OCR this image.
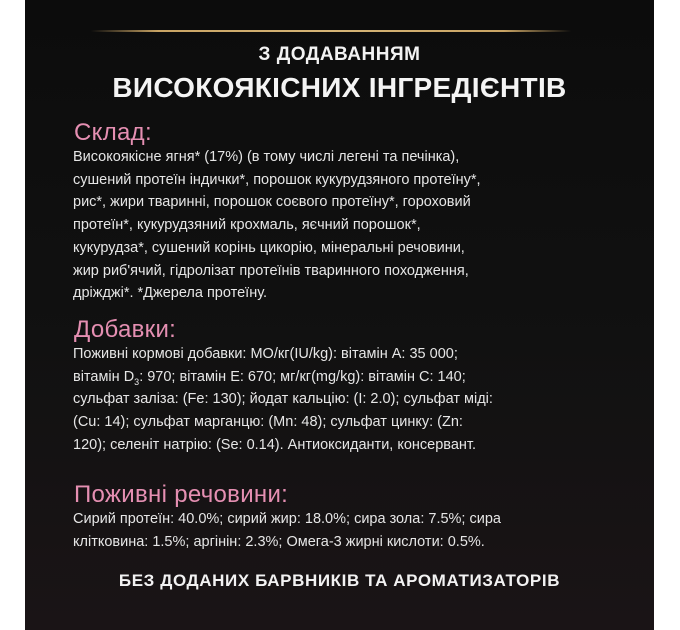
З ДОДАВАННЯМ
ВИСОКОЯКІСНИХ ІНГРЕДІЄНТІВ
Склад:

Високоякісне ягня* (17%) (в тому числі легені та печінка),
сушений протеїн індички*, порошок кукурудзяного протеїну*,
рис*, жири тваринні, порошок соєвого протеїну*, гороховий
протеїн*, кукурудзяний крохмаль, яєчний порошок*,
кукурудза*, сушений корінь цикорію, мінеральні речовини,
жир риб'ячий, гідролізат протеїнів тваринного походження,
дріжджі*. *Джерела протеїну.

Добавки:

Поживні кормові добавки: МО/кг(IU/kg): вітамін А: 35 000;
вітамін $D_3$: 970; вітамін Е: 670; мг/кг(mg/kg): вітамін С: 140;
сульфат заліза: (Fe: 130); йодат кальцію: (I: 2.0); сульфат міді:
(Cu: 14); сульфат марганцю: (Mn: 48); сульфат цинку: (Zn:
120); селеніт натрію: (Se: 0.14). Антиоксиданти, консервант.

Поживні речовини:

Сирий протеїн: 40.0%; сирий жир: 18.0%; сира зола: 7.5%; сира
клітковина: 1.5%; аргінін: 2.3%; Омега-3 жирні кислоти: 0.5%.

БЕЗ ДОДАНИХ БАРВНИКІВ ТА АРОМАТИЗАТОРІВ
